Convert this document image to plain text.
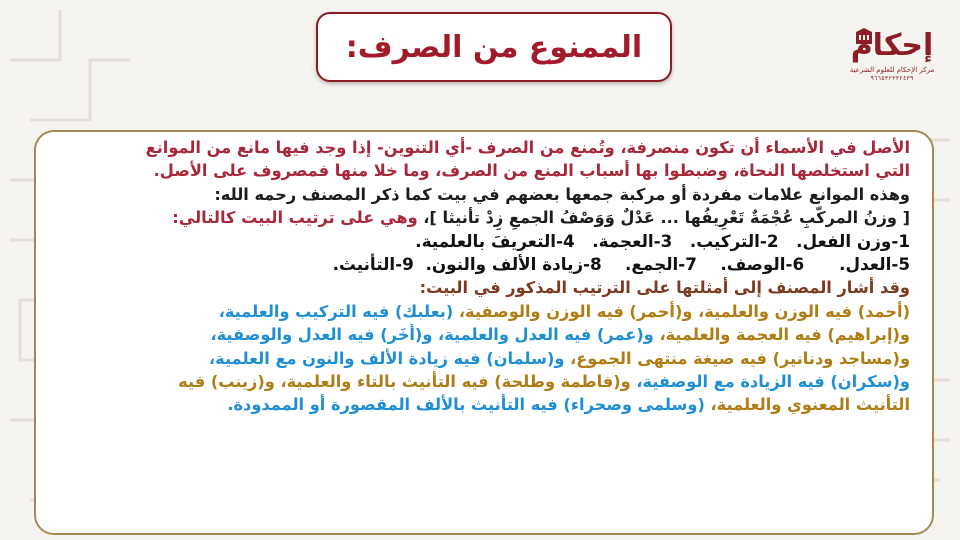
الممنوع من الصرف:	إحكام
مركز الإحكام للعلوم الشرعية
٩٦٦٥٣٢٣٣٢٤٣٩
الأصل في الأسماء أن تكون منصرفة، وتُمنع من الصرف -أي التنوين- إذا وجد فيها مانع من الموانع
التي استخلصها النحاة، وضبطوا بها أسباب المنع من الصرف، وما خلا منها فمصروف على الأصل.
وهذه الموانع علامات مفردة أو مركبة جمعها بعضهم في بيت كما ذكر المصنف رحمه الله:
[ وزنُ المركَّبِ عُجْمَةٌ تَعْرِيفُها ... عَدْلٌ وَوَصْفُ الجمعِ زِدْ تأنيثا ]، وهي على ترتيب البيت كالتالي:
1-وزن الفعل.   2-التركيب.   3-العجمة.   4-التعريفَ بالعلمية.
5-العدل.      6-الوصف.    7-الجمع.    8-زيادة الألف والنون.  9-التأنيث.
وقد أشار المصنف إلى أمثلتها على الترتيب المذكور في البيت:
(أحمد) فيه الوزن والعلمية، و(أحمر) فيه الوزن والوصفية، (بعلبك) فيه التركيب والعلمية،
و(إبراهيم) فيه العجمة والعلمية، و(عمر) فيه العدل والعلمية، و(أُخَر) فيه العدل والوصفية،
و(مساجد ودنانير) فيه صيغة منتهى الجموع، و(سلمان) فيه زيادة الألف والنون مع العلمية،
و(سكران) فيه الزيادة مع الوصفية، و(فاطمة وطلحة) فيه التأنيث بالتاء والعلمية، و(زينب) فيه
التأنيث المعنوي والعلمية، (وسلمى وصحراء) فيه التأنيث بالألف المقصورة أو الممدودة.
